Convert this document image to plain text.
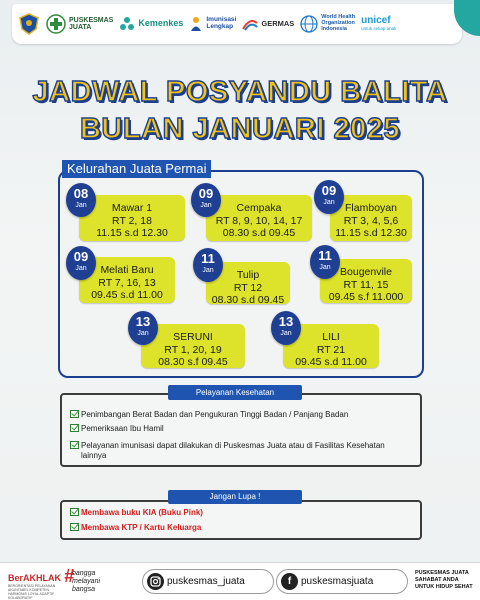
PUSKESMAS
JUATA	Kemenkes	Imunisasi
Lengkap	GERMAS
World Health
Organization
Indonesia
unicef
untuk setiap anak
JADWAL POSYANDU BALITA
BULAN JANUARI 2025
Kelurahan Juata Permai
Mawar 1
RT 2, 18
11.15 s.d 12.30
08
Jan	Cempaka
RT 8, 9, 10, 14, 17
08.30 s.d 09.45
09
Jan	Flamboyan
RT 3, 4, 5,6
11.15 s.d 12.30
09
Jan
Melati Baru
RT 7, 16, 13
09.45 s.d 11.00
09
Jan
Tulip
RT 12
08.30 s.d 09.45
11
Jan	Bougenvile
RT 11, 15
09.45 s.f 11.000
11
Jan
SERUNI
RT 1, 20, 19
08.30 s.f 09.45
13
Jan	LILI
RT 21
09.45 s.d 11.00
13
Jan
Pelayanan Kesehatan
Penimbangan Berat Badan dan Pengukuran Tinggi Badan / Panjang Badan
Pemeriksaan Ibu Hamil
Pelayanan imunisasi dapat dilakukan di Puskesmas Juata atau di Fasilitas Kesehatan lainnya
Jangan Lupa !
Membawa buku KIA (Buku Pink)
Membawa KTP / Kartu Keluarga
BerAKHLAK
BERORIENTASI PELAYANAN AKUNTABEL KOMPETEN HARMONIS LOYAL ADAPTIF KOLABORATIF
#
bangga
melayani
bangsa
puskesmas_juata	f puskesmasjuata
PUSKESMAS JUATA
SAHABAT ANDA
UNTUK HIDUP SEHAT
